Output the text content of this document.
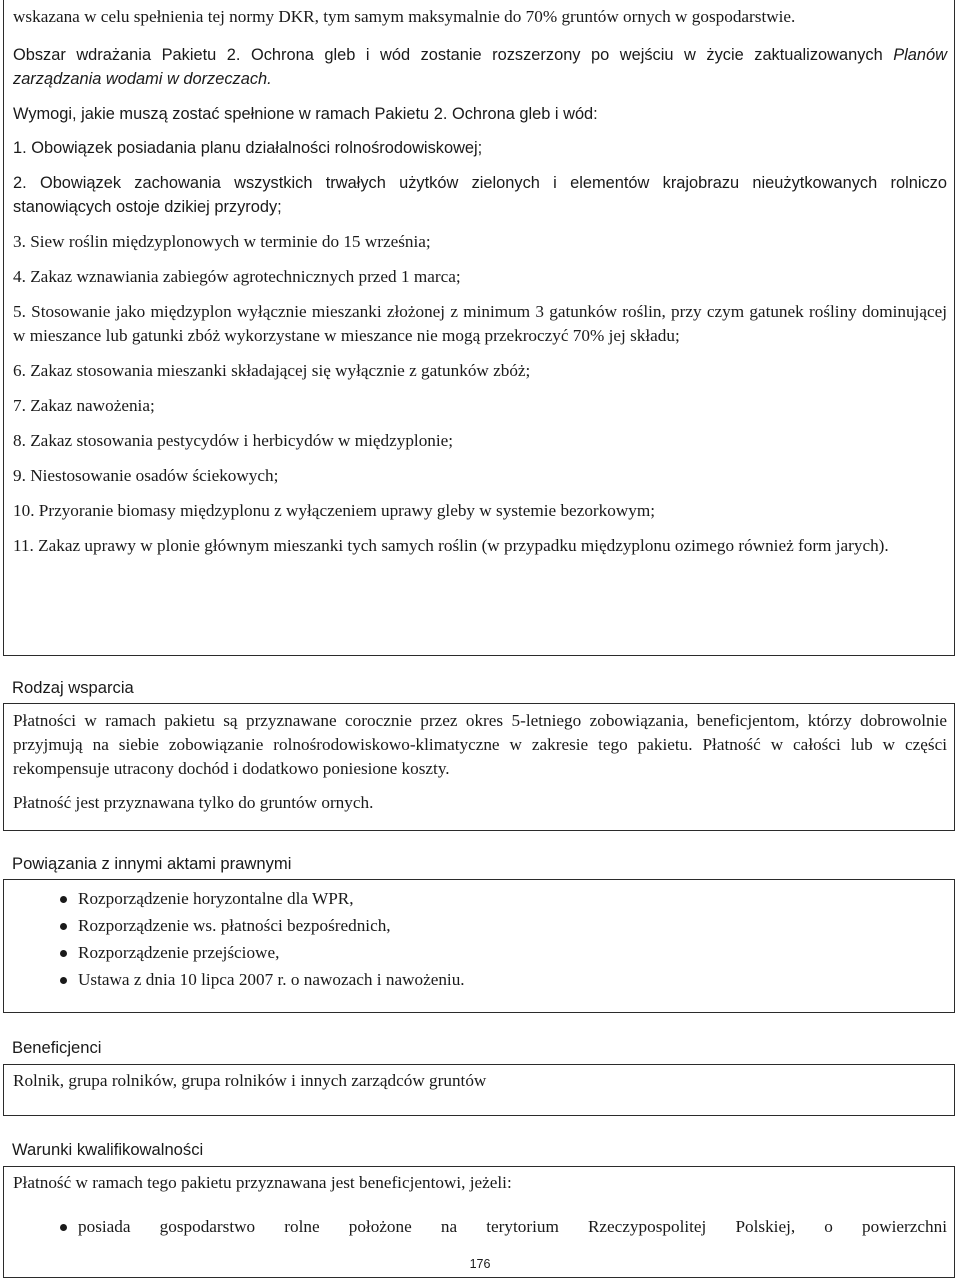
wskazana w celu spełnienia tej normy DKR, tym samym maksymalnie do 70% gruntów ornych w gospodarstwie.

Obszar wdrażania Pakietu 2. Ochrona gleb i wód zostanie rozszerzony po wejściu w życie zaktualizowanych Planów zarządzania wodami w dorzeczach.

Wymogi, jakie muszą zostać spełnione w ramach Pakietu 2. Ochrona gleb i wód:

1. Obowiązek posiadania planu działalności rolnośrodowiskowej;

2. Obowiązek zachowania wszystkich trwałych użytków zielonych i elementów krajobrazu nieużytkowanych rolniczo stanowiących ostoje dzikiej przyrody;

3. Siew roślin międzyplonowych w terminie do 15 września;

4. Zakaz wznawiania zabiegów agrotechnicznych przed 1 marca;

5. Stosowanie jako międzyplon wyłącznie mieszanki złożonej z minimum 3 gatunków roślin, przy czym gatunek rośliny dominującej w mieszance lub gatunki zbóż wykorzystane w mieszance nie mogą przekroczyć 70% jej składu;

6. Zakaz stosowania mieszanki składającej się wyłącznie z gatunków zbóż;

7. Zakaz nawożenia;

8. Zakaz stosowania pestycydów i herbicydów w międzyplonie;

9. Niestosowanie osadów ściekowych;

10. Przyoranie biomasy międzyplonu z wyłączeniem uprawy gleby w systemie bezorkowym;

11. Zakaz uprawy w plonie głównym mieszanki tych samych roślin (w przypadku międzyplonu ozimego również form jarych).

Rodzaj wsparcia

Płatności w ramach pakietu są przyznawane corocznie przez okres 5-letniego zobowiązania, beneficjentom, którzy dobrowolnie przyjmują na siebie zobowiązanie rolnośrodowiskowo-klimatyczne w zakresie tego pakietu. Płatność w całości lub w części rekompensuje utracony dochód i dodatkowo poniesione koszty.

Płatność jest przyznawana tylko do gruntów ornych.

Powiązania z innymi aktami prawnymi
Rozporządzenie horyzontalne dla WPR,
Rozporządzenie ws. płatności bezpośrednich,
Rozporządzenie przejściowe,
Ustawa z dnia 10 lipca 2007 r. o nawozach i nawożeniu.
Beneficjenci

Rolnik, grupa rolników, grupa rolników i innych zarządców gruntów

Warunki kwalifikowalności

Płatność w ramach tego pakietu przyznawana jest beneficjentowi, jeżeli:

posiada gospodarstwo rolne położone na terytorium Rzeczypospolitej Polskiej, o powierzchni
176
